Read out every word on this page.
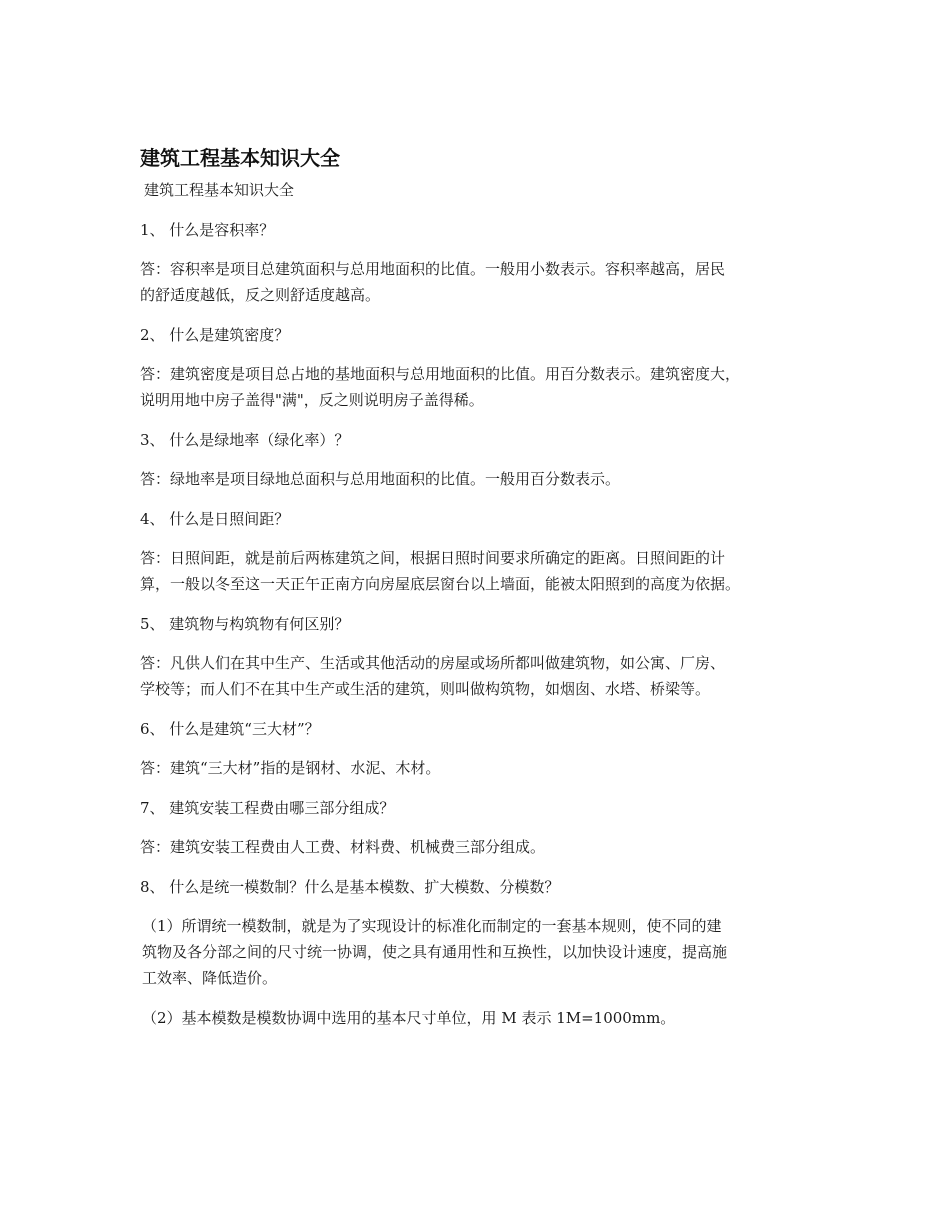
建筑工程基本知识大全

建筑工程基本知识大全

1、 什么是容积率？

答：容积率是项目总建筑面积与总用地面积的比值。一般用小数表示。容积率越高，居民
的舒适度越低，反之则舒适度越高。

2、 什么是建筑密度？

答：建筑密度是项目总占地的基地面积与总用地面积的比值。用百分数表示。建筑密度大，
说明用地中房子盖得"满"，反之则说明房子盖得稀。

3、 什么是绿地率（绿化率）？

答：绿地率是项目绿地总面积与总用地面积的比值。一般用百分数表示。

4、 什么是日照间距？

答：日照间距，就是前后两栋建筑之间，根据日照时间要求所确定的距离。日照间距的计
算，一般以冬至这一天正午正南方向房屋底层窗台以上墙面，能被太阳照到的高度为依据。

5、 建筑物与构筑物有何区别？

答：凡供人们在其中生产、生活或其他活动的房屋或场所都叫做建筑物，如公寓、厂房、
学校等；而人们不在其中生产或生活的建筑，则叫做构筑物，如烟囱、水塔、桥梁等。

6、 什么是建筑“三大材”？

答：建筑“三大材”指的是钢材、水泥、木材。

7、 建筑安装工程费由哪三部分组成？

答：建筑安装工程费由人工费、材料费、机械费三部分组成。

8、 什么是统一模数制？什么是基本模数、扩大模数、分模数？

（1）所谓统一模数制，就是为了实现设计的标准化而制定的一套基本规则，使不同的建
筑物及各分部之间的尺寸统一协调，使之具有通用性和互换性，以加快设计速度，提高施
工效率、降低造价。

（2）基本模数是模数协调中选用的基本尺寸单位，用 M 表示 1M=1000mm。
